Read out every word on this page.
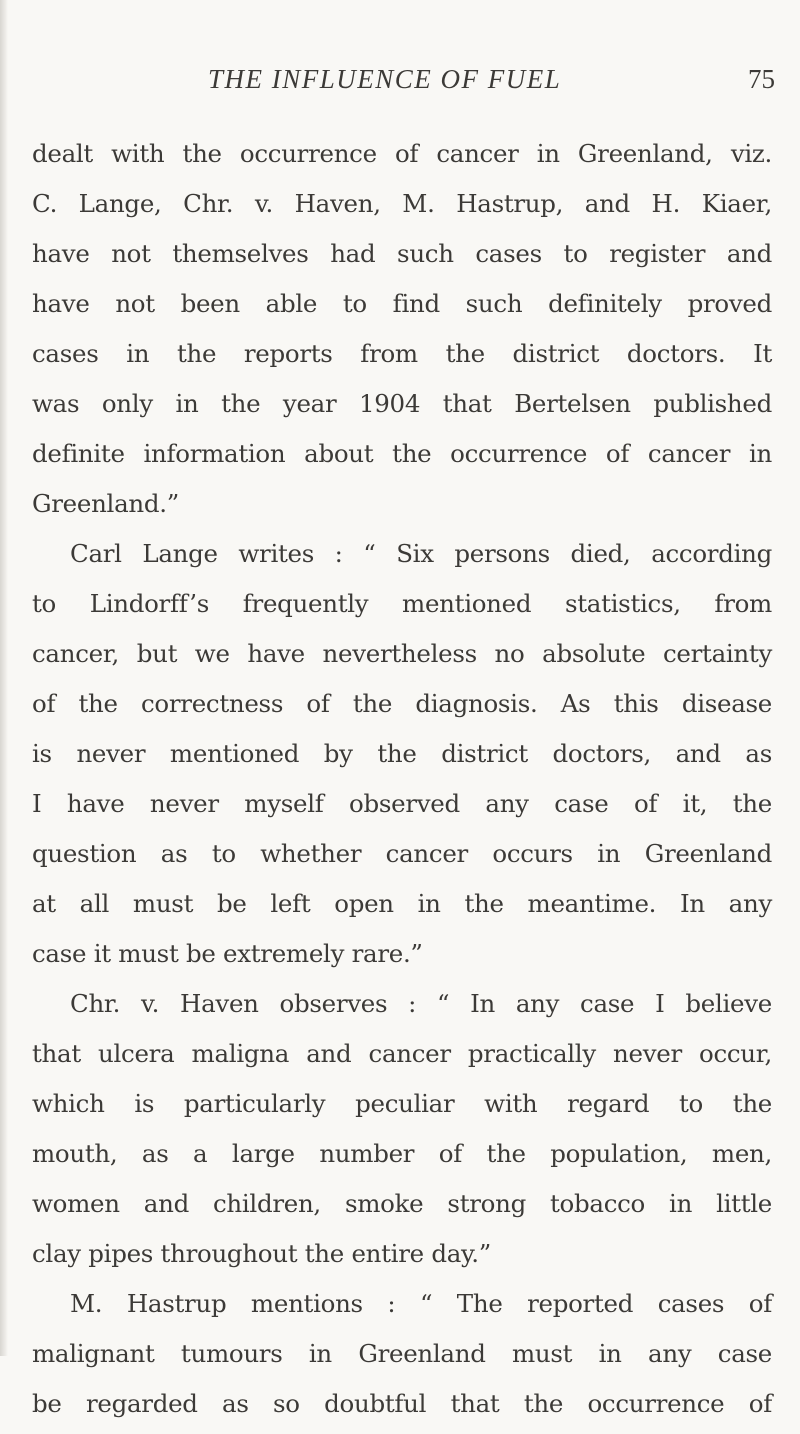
THE INFLUENCE OF FUEL	75
dealt with the occurrence of cancer in Greenland, viz.
C. Lange, Chr. v. Haven, M. Hastrup, and H. Kiaer,
have not themselves had such cases to register and
have not been able to find such definitely proved
cases in the reports from the district doctors. It
was only in the year 1904 that Bertelsen published
definite information about the occurrence of cancer in
Greenland.”
Carl Lange writes : “ Six persons died, according
to Lindorff’s frequently mentioned statistics, from
cancer, but we have nevertheless no absolute certainty
of the correctness of the diagnosis. As this disease
is never mentioned by the district doctors, and as
I have never myself observed any case of it, the
question as to whether cancer occurs in Greenland
at all must be left open in the meantime. In any
case it must be extremely rare.”
Chr. v. Haven observes : “ In any case I believe
that ulcera maligna and cancer practically never occur,
which is particularly peculiar with regard to the
mouth, as a large number of the population, men,
women and children, smoke strong tobacco in little
clay pipes throughout the entire day.”
M. Hastrup mentions : “ The reported cases of
malignant tumours in Greenland must in any case
be regarded as so doubtful that the occurrence of
